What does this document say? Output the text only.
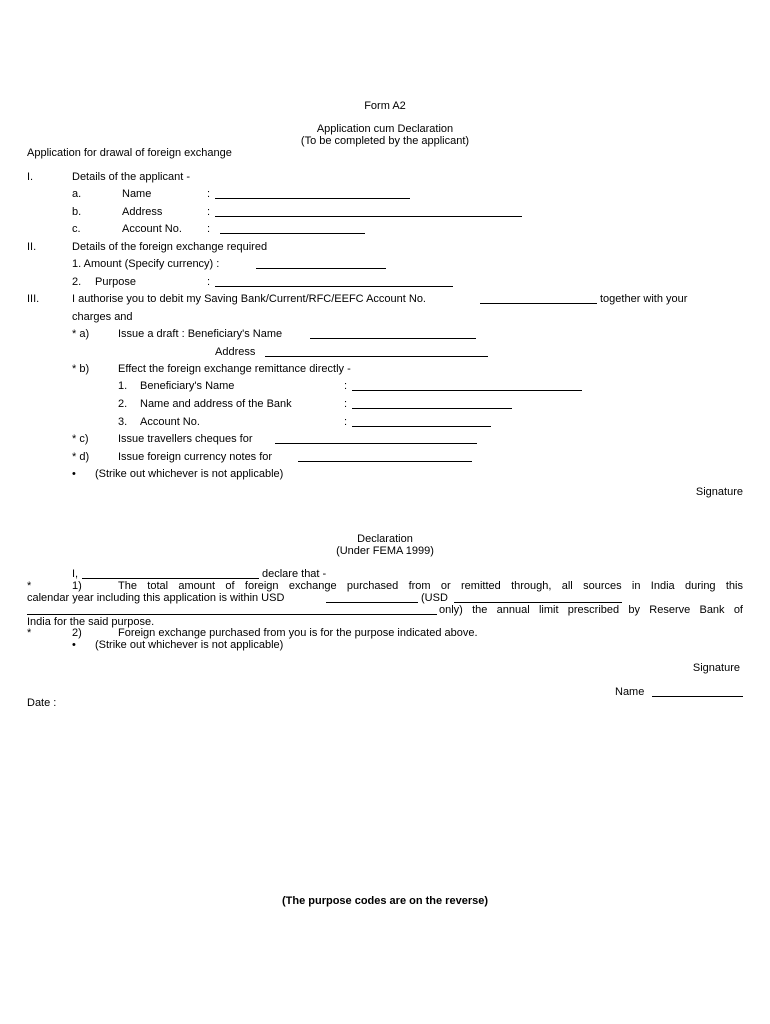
Form A2
Application cum Declaration
(To be completed by the applicant)
Application for drawal of foreign exchange
I.	Details of the applicant -
a.	Name	:
b.	Address	:
c.	Account No. :
II.	Details of the foreign exchange required
1. Amount (Specify currency) :
2. Purpose	:
III.	I authorise you to debit my Saving Bank/Current/RFC/EEFC Account No.	together with your
charges and
* a)	Issue a draft : Beneficiary's Name
Address
* b)	Effect the foreign exchange remittance directly -
1. Beneficiary's Name	:
2. Name and address of the Bank	:
3. Account No.	:
* c)	Issue travellers cheques for
* d)	Issue foreign currency notes for
• (Strike out whichever is not applicable)
Signature
Declaration
(Under FEMA 1999)
I,	declare that -
*	1)	The total amount of foreign exchange purchased from or remitted through, all sources in India during this
calendar year including this application is within USD	(USD
only) the annual limit prescribed by Reserve Bank of
India for the said purpose.
*	2)	Foreign exchange purchased from you is for the purpose indicated above.
• (Strike out whichever is not applicable)
Signature
Name
Date :
(The purpose codes are on the reverse)
